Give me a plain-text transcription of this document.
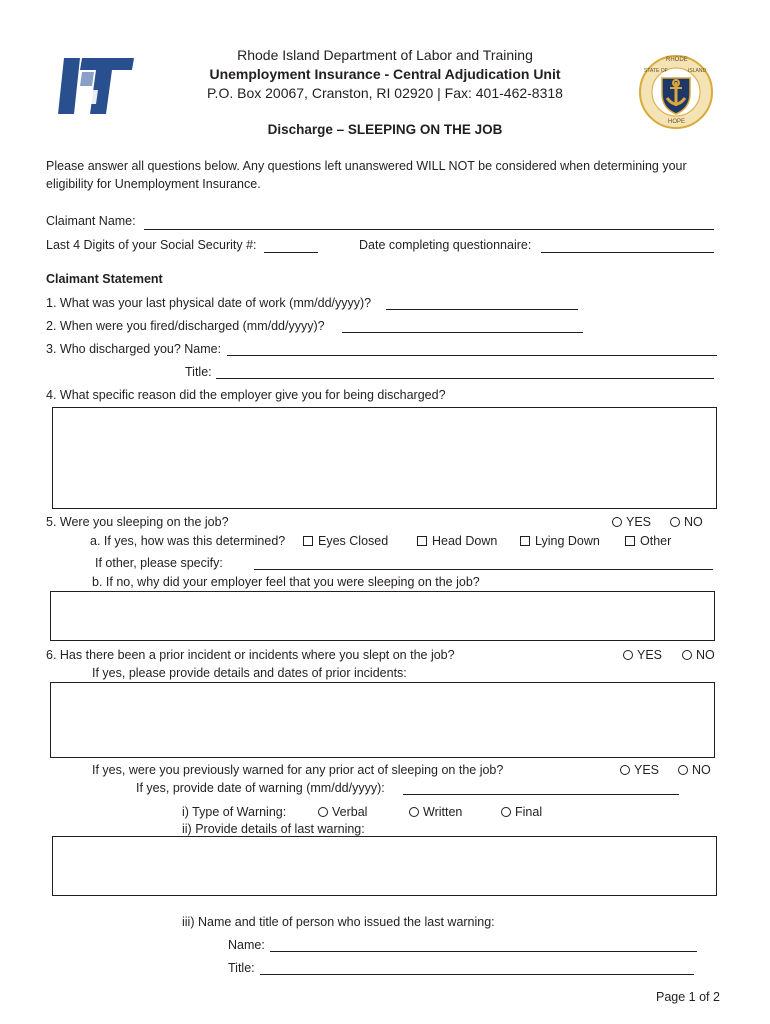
RHODE
STATE OF	ISLAND
HOPE
Rhode Island Department of Labor and Training
Unemployment Insurance - Central Adjudication Unit
P.O. Box 20067, Cranston, RI 02920 | Fax: 401-462-8318
Discharge – SLEEPING ON THE JOB
Please answer all questions below. Any questions left unanswered WILL NOT be considered when determining your
eligibility for Unemployment Insurance.
Claimant Name:
Last 4 Digits of your Social Security #:	Date completing questionnaire:
Claimant Statement
1. What was your last physical date of work (mm/dd/yyyy)?
2. When were you fired/discharged (mm/dd/yyyy)?
3. Who discharged you? Name:
Title:
4. What specific reason did the employer give you for being discharged?
5. Were you sleeping on the job?	YES	NO
a. If yes, how was this determined?	Eyes Closed	Head Down	Lying Down	Other
If other, please specify:
b. If no, why did your employer feel that you were sleeping on the job?
6. Has there been a prior incident or incidents where you slept on the job?	YES	NO
If yes, please provide details and dates of prior incidents:
If yes, were you previously warned for any prior act of sleeping on the job?	YES	NO
If yes, provide date of warning (mm/dd/yyyy):
i) Type of Warning:	Verbal	Written	Final
ii) Provide details of last warning:
iii) Name and title of person who issued the last warning:
Name:
Title:
Page 1 of 2
